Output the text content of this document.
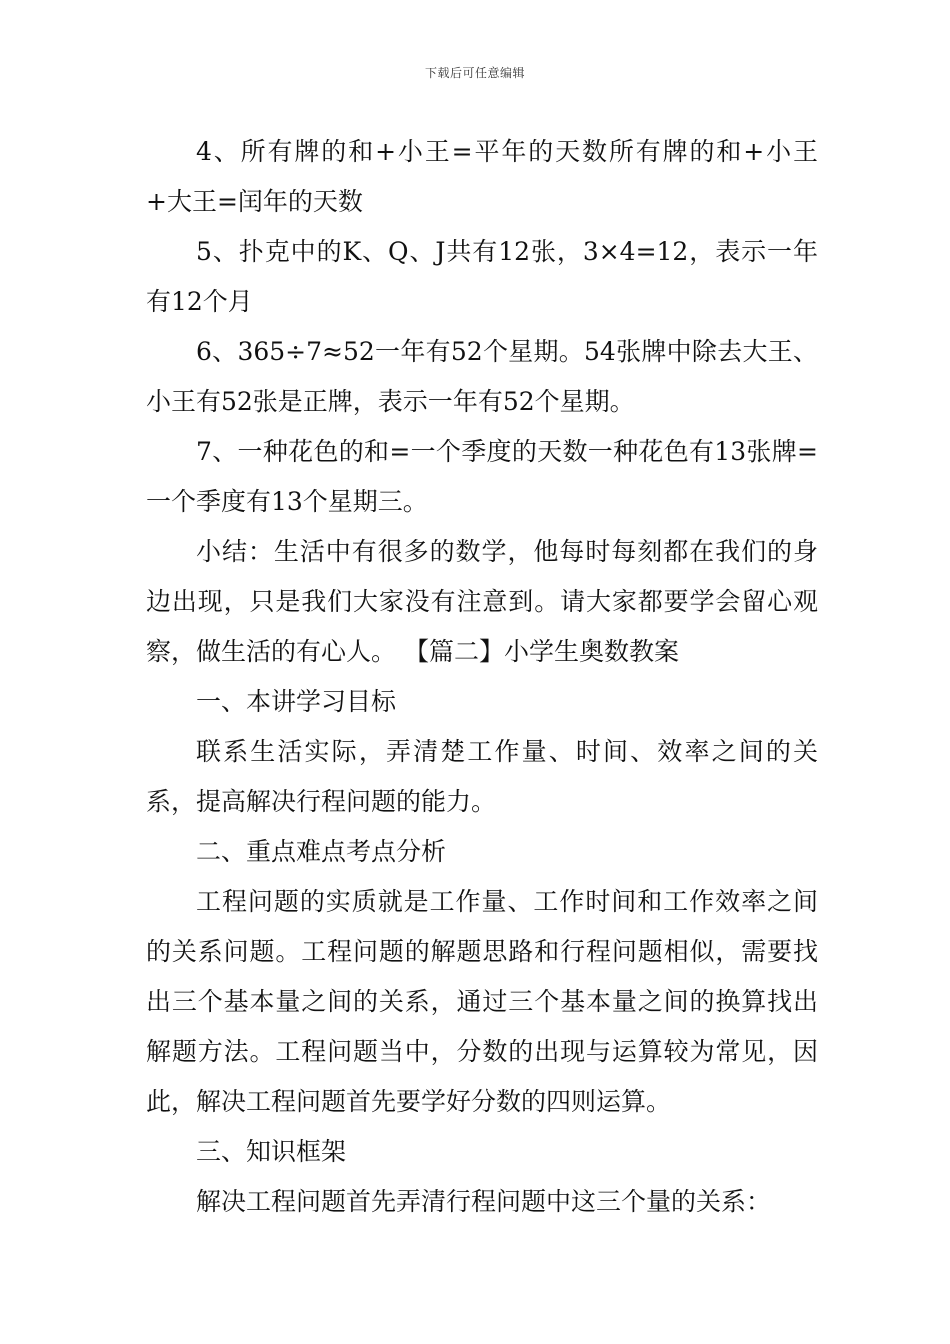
下载后可任意编辑

4、所有牌的和+小王=平年的天数所有牌的和+小王+大王=闰年的天数

5、扑克中的K、Q、J共有12张，3×4=12，表示一年有12个月

6、365÷7≈52一年有52个星期。54张牌中除去大王、小王有52张是正牌，表示一年有52个星期。

7、一种花色的和=一个季度的天数一种花色有13张牌=一个季度有13个星期三。

小结：生活中有很多的数学，他每时每刻都在我们的身边出现，只是我们大家没有注意到。请大家都要学会留心观察，做生活的有心人。 【篇二】小学生奥数教案

一、本讲学习目标

联系生活实际，弄清楚工作量、时间、效率之间的关系，提高解决行程问题的能力。

二、重点难点考点分析

工程问题的实质就是工作量、工作时间和工作效率之间的关系问题。工程问题的解题思路和行程问题相似，需要找出三个基本量之间的关系，通过三个基本量之间的换算找出解题方法。工程问题当中，分数的出现与运算较为常见，因此，解决工程问题首先要学好分数的四则运算。

三、知识框架

解决工程问题首先弄清行程问题中这三个量的关系：
